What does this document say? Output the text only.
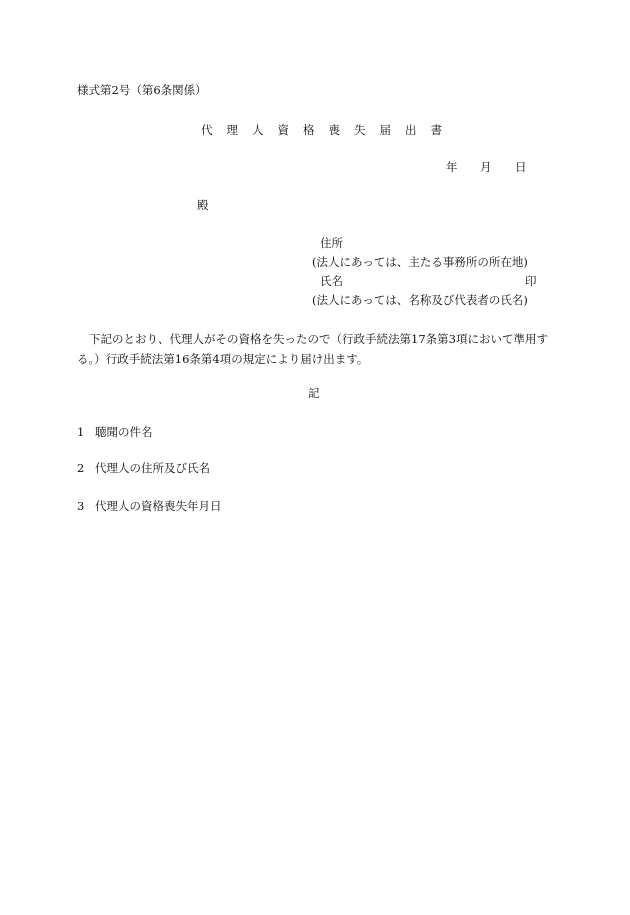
様式第2号（第6条関係）
代理人資格喪失届出書
年 月 日
殿
住所
(法人にあっては、主たる事務所の所在地)
氏名	印
(法人にあっては、名称及び代表者の氏名)
下記のとおり、代理人がその資格を失ったので（行政手続法第17条第3項において準用する。）行政手続法第16条第4項の規定により届け出ます。
記
1 聴聞の件名
2 代理人の住所及び氏名
3 代理人の資格喪失年月日
